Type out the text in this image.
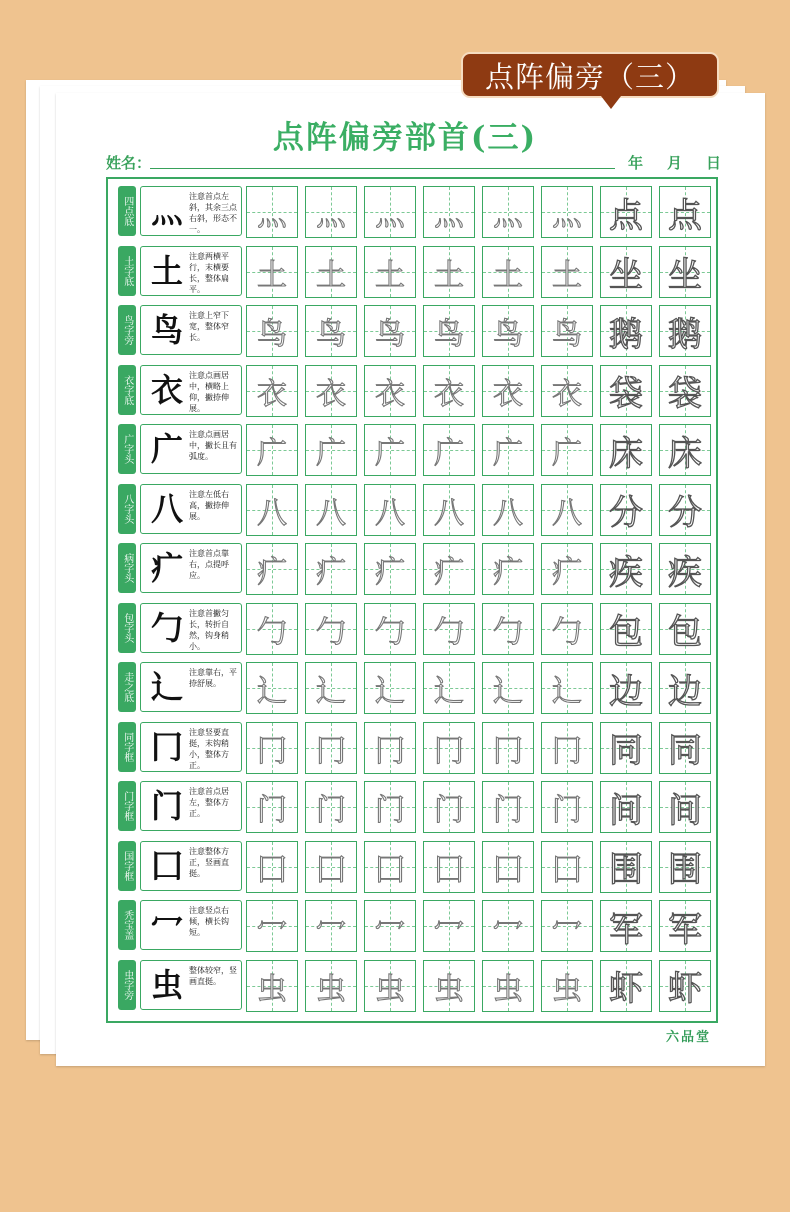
点阵偏旁（三）
点阵偏旁部首(三)
姓名：	年 月 日
四点底 灬 注意首点左斜，其余三点右斜，形态不一。	灬 灬 灬 灬 灬 灬 点 点
土字底 土 注意两横平行，末横要长，整体扁平。	土 土 土 土 土 土 坐 坐
鸟字旁 鸟 注意上窄下宽，整体窄长。	鸟 鸟 鸟 鸟 鸟 鸟 鹅 鹅
衣字底 衣 注意点画居中，横略上仰，撇捺伸展。	衣 衣 衣 衣 衣 衣 袋 袋
广字头 广 注意点画居中，撇长且有弧度。	广 广 广 广 广 广 床 床
八字头 八 注意左低右高，撇捺伸展。	八 八 八 八 八 八 分 分
病字头 疒 注意首点靠右，点提呼应。	疒 疒 疒 疒 疒 疒 疾 疾
包字头 勹 注意首撇匀长，转折自然，钩身稍小。	勹 勹 勹 勹 勹 勹 包 包
走之底 辶 注意靠右，平捺舒展。	辶 辶 辶 辶 辶 辶 边 边
同字框 冂 注意竖要直挺，末钩稍小，整体方正。	冂 冂 冂 冂 冂 冂 同 同
门字框 门 注意首点居左，整体方正。	门 门 门 门 门 门 间 间
国字框 囗 注意整体方正，竖画直挺。	囗 囗 囗 囗 囗 囗 围 围
秃宝盖 冖 注意竖点右倾，横长钩短。	冖 冖 冖 冖 冖 冖 军 军
虫字旁 虫 整体较窄，竖画直挺。	虫 虫 虫 虫 虫 虫 虾 虾
六品堂
